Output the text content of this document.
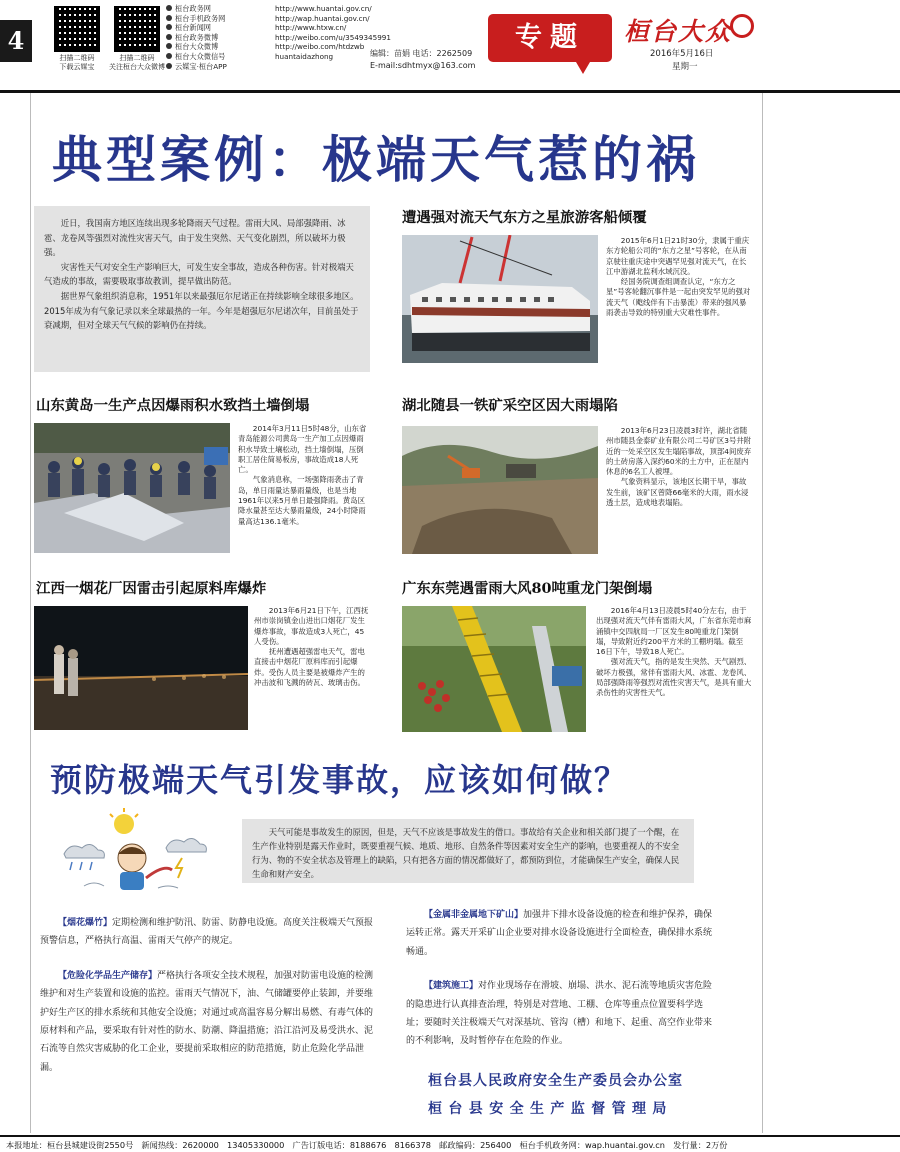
4
扫描二维码
下载云媒宝
扫描二维码
关注桓台大众微博
桓台政务网	http://www.huantai.gov.cn/
桓台手机政务网	http://wap.huantai.gov.cn/
桓台新闻网	http://www.htxw.cn/
桓台政务微博	http://weibo.com/u/3549345991
桓台大众微博	http://weibo.com/htdzwb
桓台大众微信号	huantaidazhong
云媒宝·桓台APP
编辑：苗娟 电话：2262509
E-mail:sdhtmyx@163.com
专题	桓台大众
2016年5月16日
星期一
典型案例：极端天气惹的祸

近日，我国南方地区连续出现多轮降雨天气过程。雷雨大风、局部强降雨、冰雹、龙卷风等强烈对流性灾害天气，由于发生突然、天气变化剧烈，所以破坏力极强。

灾害性天气对安全生产影响巨大，可发生安全事故，造成各种伤害。针对极端天气造成的事故，需要吸取事故教训，提早做出防范。

据世界气象组织消息称，1951年以来最强厄尔尼诺正在持续影响全球很多地区。2015年成为有气象记录以来全球最热的一年。今年是超强厄尔尼诺次年，目前虽处于衰减期，但对全球天气气候的影响仍在持续。

遭遇强对流天气东方之星旅游客船倾覆

2015年6月1日21时30分，隶属于重庆东方轮船公司的“东方之星”号客轮，在从南京驶往重庆途中突遇罕见强对流天气，在长江中游湖北监利水域沉没。

经国务院调查组调查认定，“东方之星”号客轮翻沉事件是一起由突发罕见的强对流天气（飑线伴有下击暴流）带来的强风暴雨袭击导致的特别重大灾难性事件。

山东黄岛一生产点因爆雨积水致挡土墙倒塌

2014年3月11日5时48分，山东省青岛能源公司黄岛一生产加工点因爆雨积水导致土壤松动，挡土墙倒塌，压倒职工居住简易板房，事故造成18人死亡。

气象消息称，一场强降雨袭击了青岛，单日雨量达暴雨量级，也是当地1961年以来5月单日最强降雨。黄岛区降水量甚至达大暴雨量级，24小时降雨量高达136.1毫米。

湖北随县一铁矿采空区因大雨塌陷

2013年6月23日凌晨3时许，湖北省随州市随县金泰矿业有限公司二号矿区3号井附近的一处采空区发生塌陷事故，顶部4间废弃的土砖房落入深约60米的土方中，正在屋内休息的6名工人被埋。

气象资料显示，该地区长期干旱，事故发生前，该矿区曾降66毫米的大雨，雨水浸透土层，造成地表塌陷。

江西一烟花厂因雷击引起原料库爆炸

2013年6月21日下午，江西抚州市崇岗镇金山进出口烟花厂发生爆炸事故，事故造成3人死亡，45人受伤。

抚州遭遇超强雷电天气，雷电直接击中烟花厂原料库而引起爆炸。受伤人员主要是被爆炸产生的冲击波和飞溅的砖瓦、玻璃击伤。

广东东莞遇雷雨大风80吨重龙门架倒塌

2016年4月13日凌晨5时40分左右，由于出现强对流天气伴有雷雨大风，广东省东莞市麻涌镇中交四航局一厂区发生80吨重龙门架倒塌，导致附近约200平方米的工棚坍塌。截至16日下午，导致18人死亡。

强对流天气，指的是发生突然、天气剧烈、破坏力极强，常伴有雷雨大风、冰雹、龙卷风、局部强降雨等强烈对流性灾害天气，是具有重大杀伤性的灾害性天气。

预防极端天气引发事故，应该如何做？

天气可能是事故发生的原因，但是，天气不应该是事故发生的借口。事故给有关企业和相关部门提了一个醒，在生产作业特别是露天作业时，既要重视气候、地质、地形、自然条件等因素对安全生产的影响，也要重视人的不安全行为、物的不安全状态及管理上的缺陷，只有把各方面的情况都做好了，都预防到位，才能确保生产安全，确保人民生命和财产安全。

【烟花爆竹】定期检测和维护防汛、防雷、防静电设施。高度关注极端天气预报预警信息，严格执行高温、雷雨天气停产的规定。

【危险化学品生产储存】严格执行各项安全技术规程，加强对防雷电设施的检测维护和对生产装置和设施的监控。雷雨天气情况下，油、气储罐要停止装卸，并要维护好生产区的排水系统和其他安全设施；对通过或高温容易分解出易燃、有毒气体的原材料和产品，要采取有针对性的防水、防潮、降温措施；沿江沿河及易受洪水、泥石流等自然灾害威胁的化工企业，要提前采取相应的防范措施，防止危险化学品泄漏。

【金属非金属地下矿山】加强井下排水设备设施的检查和维护保养，确保运转正常。露天开采矿山企业要对排水设备设施进行全面检查，确保排水系统畅通。

【建筑施工】对作业现场存在滑坡、崩塌、洪水、泥石流等地质灾害危险的隐患进行认真排查治理，特别是对营地、工棚、仓库等重点位置要科学选址；要随时关注极端天气对深基坑、管沟（槽）和地下、起重、高空作业带来的不利影响，及时暂停存在危险的作业。

桓台县人民政府安全生产委员会办公室
桓台县安全生产监督管理局
本报地址：桓台县城建设街2550号　新闻热线：2620000　13405330000　广告订版电话：8188676　8166378　邮政编码：256400　桓台手机政务网：wap.huantai.gov.cn　发行量：2万份
